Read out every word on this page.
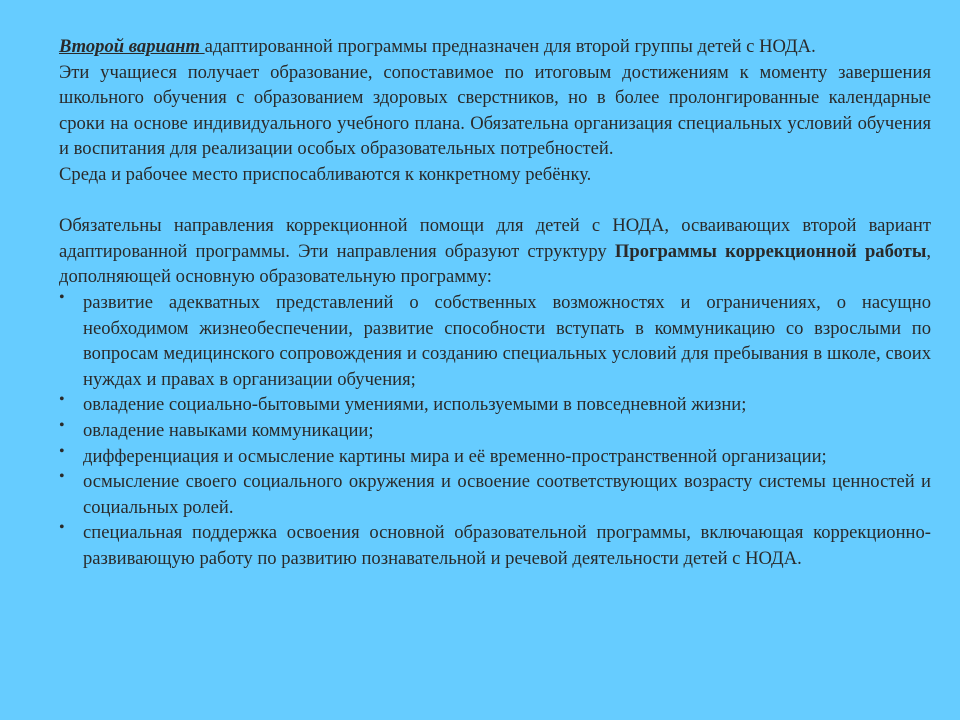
Второй вариант адаптированной программы предназначен для второй группы детей с НОДА.

Эти учащиеся получает образование, сопоставимое по итоговым достижениям к моменту завершения школьного обучения с образованием здоровых сверстников, но в более пролонгированные календарные сроки на основе индивидуального учебного плана. Обязательна организация специальных условий обучения и воспитания для реализации особых образовательных потребностей.

Среда и рабочее место приспосабливаются к конкретному ребёнку.

Обязательны направления коррекционной помощи для детей с НОДА, осваивающих второй вариант адаптированной программы. Эти направления образуют структуру Программы коррекционной работы, дополняющей основную образовательную программу:

• развитие адекватных представлений о собственных возможностях и ограничениях, о насущно необходимом жизнеобеспечении, развитие способности вступать в коммуникацию со взрослыми по вопросам медицинского сопровождения и созданию специальных условий для пребывания в школе, своих нуждах и правах в организации обучения;
• овладение социально-бытовыми умениями, используемыми в повседневной жизни;
• овладение навыками коммуникации;
• дифференциация и осмысление картины мира и её временно-пространственной организации;
• осмысление своего социального окружения и освоение соответствующих возрасту системы ценностей и социальных ролей.
• специальная поддержка освоения основной образовательной программы, включающая коррекционно-развивающую работу по развитию познавательной и речевой деятельности детей с НОДА.
